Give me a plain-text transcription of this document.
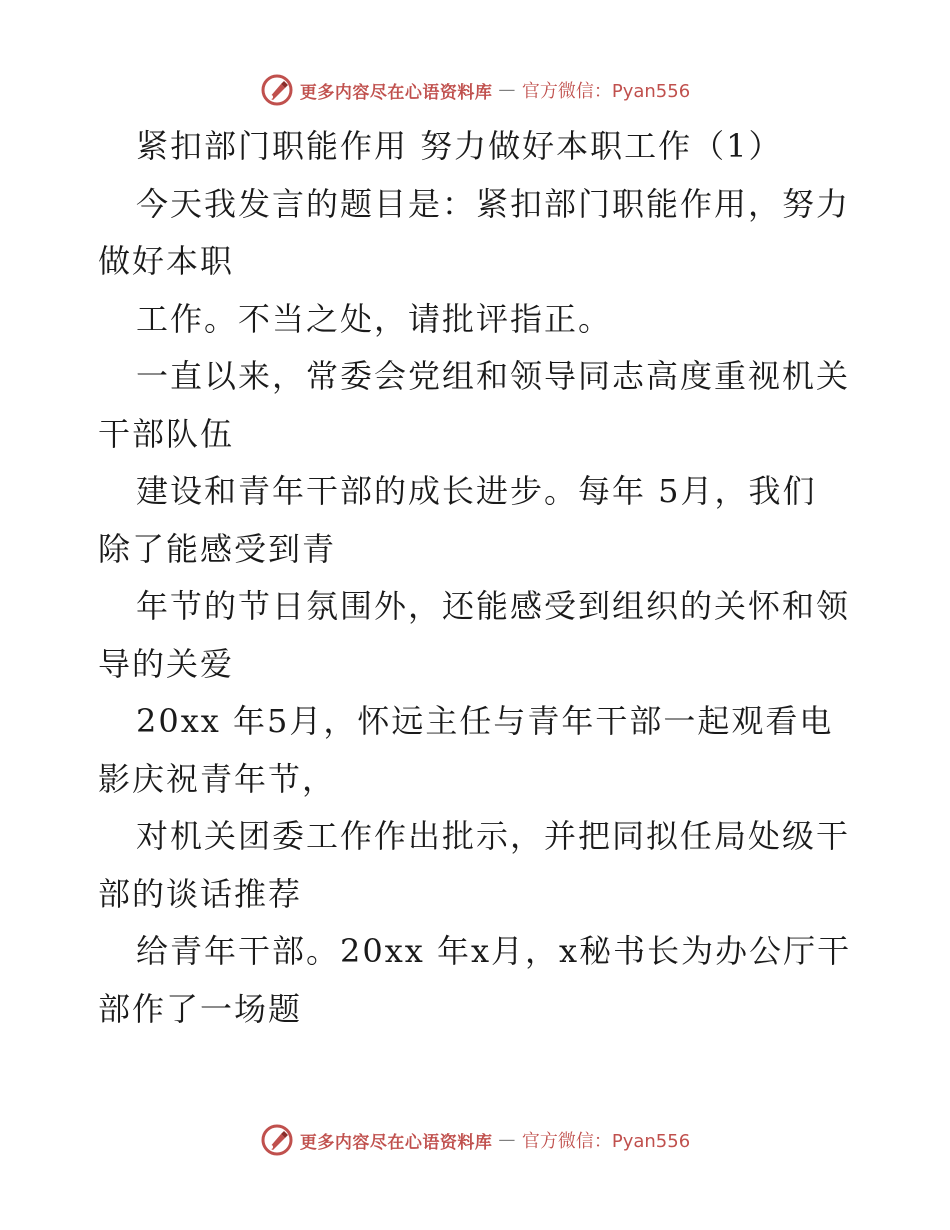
更多内容尽在心语资料库 — 官方微信：Pyan556
紧扣部门职能作用 努力做好本职工作（1）
今天我发言的题目是：紧扣部门职能作用，努力
做好本职
工作。不当之处，请批评指正。
一直以来，常委会党组和领导同志高度重视机关
干部队伍
建设和青年干部的成长进步。每年 5月，我们
除了能感受到青
年节的节日氛围外，还能感受到组织的关怀和领
导的关爱
20xx 年5月，怀远主任与青年干部一起观看电
影庆祝青年节，
对机关团委工作作出批示，并把同拟任局处级干
部的谈话推荐
给青年干部。20xx 年x月，x秘书长为办公厅干
部作了一场题
更多内容尽在心语资料库 — 官方微信：Pyan556
